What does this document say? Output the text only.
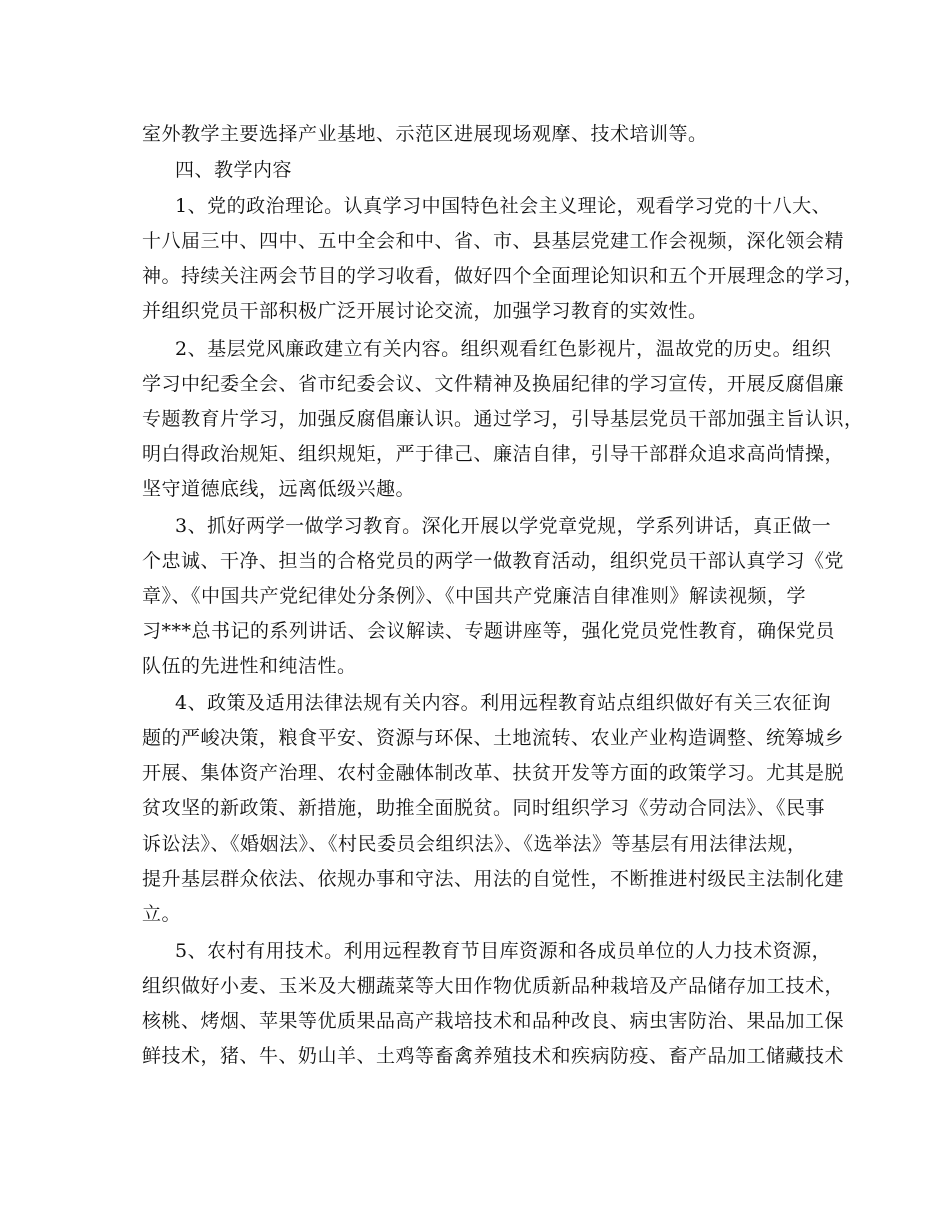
室外教学主要选择产业基地、示范区进展现场观摩、技术培训等。
四、教学内容
1、党的政治理论。认真学习中国特色社会主义理论，观看学习党的十八大、
十八届三中、四中、五中全会和中、省、市、县基层党建工作会视频，深化领会精
神。持续关注两会节目的学习收看，做好四个全面理论知识和五个开展理念的学习，
并组织党员干部积极广泛开展讨论交流，加强学习教育的实效性。
2、基层党风廉政建立有关内容。组织观看红色影视片，温故党的历史。组织
学习中纪委全会、省市纪委会议、文件精神及换届纪律的学习宣传，开展反腐倡廉
专题教育片学习，加强反腐倡廉认识。通过学习，引导基层党员干部加强主旨认识，
明白得政治规矩、组织规矩，严于律己、廉洁自律，引导干部群众追求高尚情操，
坚守道德底线，远离低级兴趣。
3、抓好两学一做学习教育。深化开展以学党章党规，学系列讲话，真正做一
个忠诚、干净、担当的合格党员的两学一做教育活动，组织党员干部认真学习《党
章》、《中国共产党纪律处分条例》、《中国共产党廉洁自律准则》解读视频，学
习***总书记的系列讲话、会议解读、专题讲座等，强化党员党性教育，确保党员
队伍的先进性和纯洁性。
4、政策及适用法律法规有关内容。利用远程教育站点组织做好有关三农征询
题的严峻决策，粮食平安、资源与环保、土地流转、农业产业构造调整、统筹城乡
开展、集体资产治理、农村金融体制改革、扶贫开发等方面的政策学习。尤其是脱
贫攻坚的新政策、新措施，助推全面脱贫。同时组织学习《劳动合同法》、《民事
诉讼法》、《婚姻法》、《村民委员会组织法》、《选举法》等基层有用法律法规，
提升基层群众依法、依规办事和守法、用法的自觉性，不断推进村级民主法制化建
立。
5、农村有用技术。利用远程教育节目库资源和各成员单位的人力技术资源，
组织做好小麦、玉米及大棚蔬菜等大田作物优质新品种栽培及产品储存加工技术，
核桃、烤烟、苹果等优质果品高产栽培技术和品种改良、病虫害防治、果品加工保
鲜技术，猪、牛、奶山羊、土鸡等畜禽养殖技术和疾病防疫、畜产品加工储藏技术
